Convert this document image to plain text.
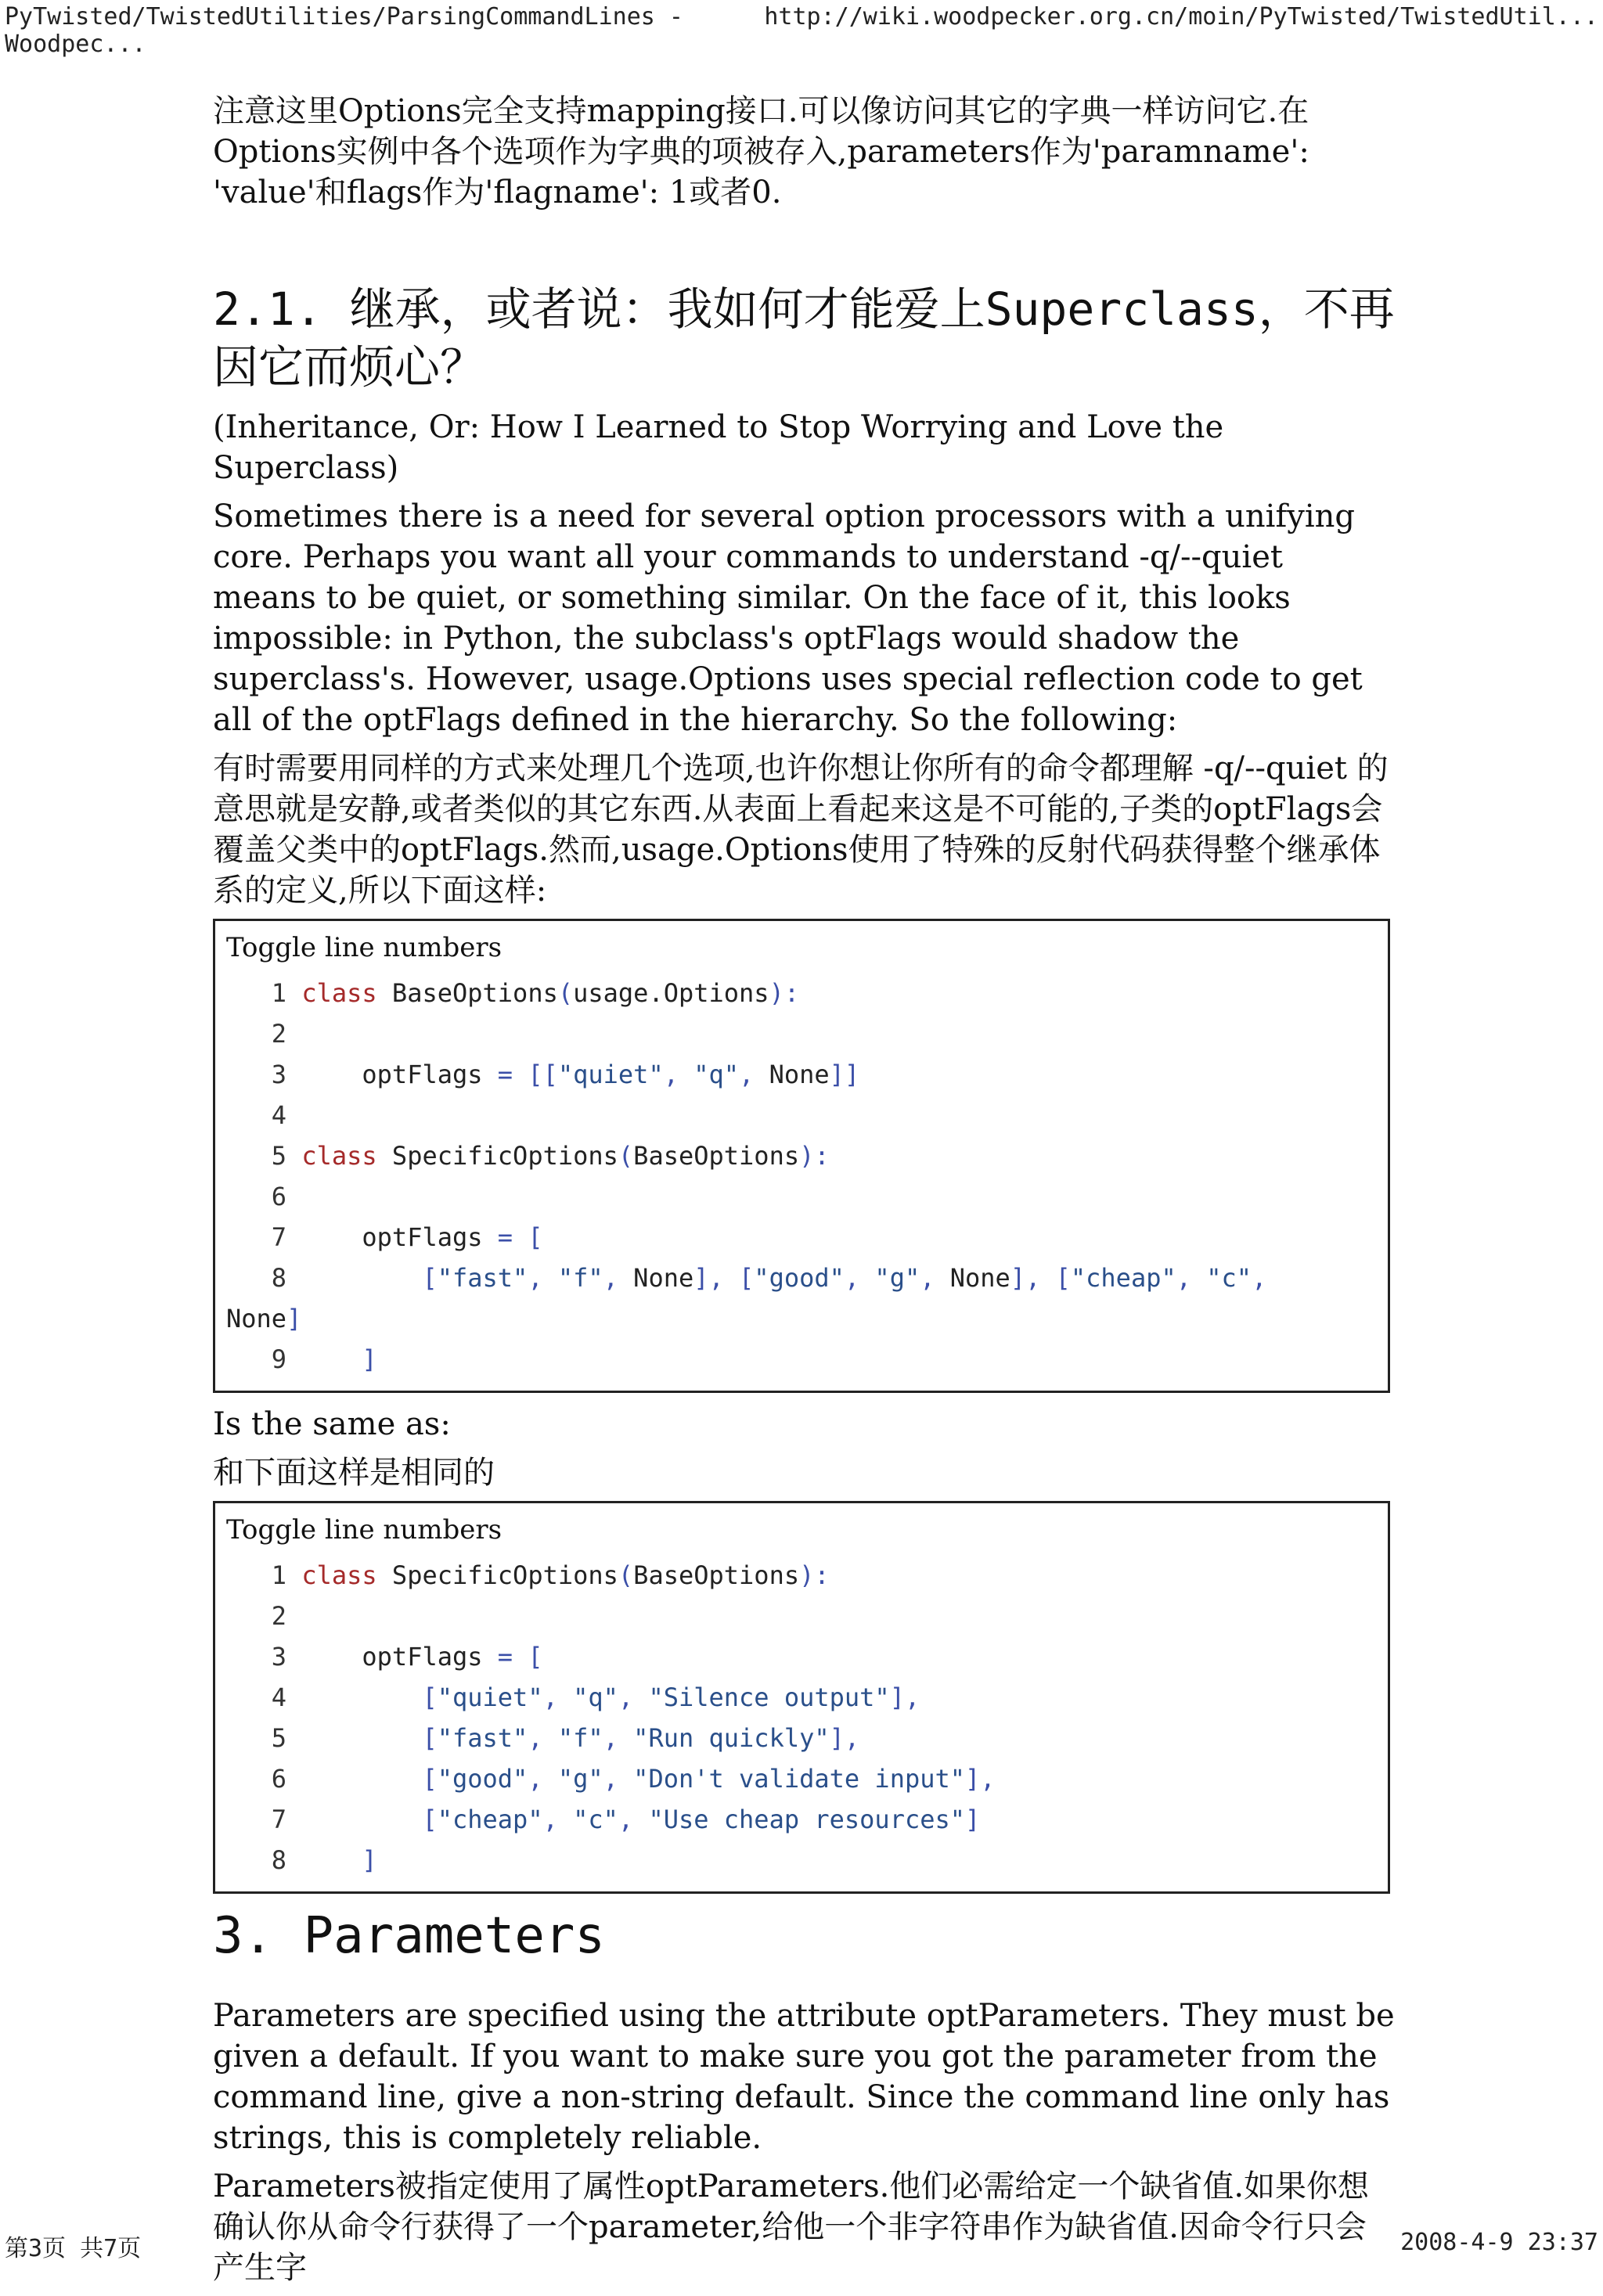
PyTwisted/TwistedUtilities/ParsingCommandLines - Woodpec...
http://wiki.woodpecker.org.cn/moin/PyTwisted/TwistedUtil...

注意这里Options完全支持mapping接口.可以像访问其它的字典一样访问它.在Options实例中各个选项作为字典的项被存入,parameters作为'paramname': 'value'和flags作为'flagname': 1或者0.

2.1. 继承，或者说：我如何才能爱上Superclass，不再因它而烦心？

(Inheritance, Or: How I Learned to Stop Worrying and Love the Superclass)

Sometimes there is a need for several option processors with a unifying core. Perhaps you want all your commands to understand -q/--quiet means to be quiet, or something similar. On the face of it, this looks impossible: in Python, the subclass's optFlags would shadow the superclass's. However, usage.Options uses special reflection code to get all of the optFlags defined in the hierarchy. So the following:

有时需要用同样的方式来处理几个选项,也许你想让你所有的命令都理解 -q/--quiet 的意思就是安静,或者类似的其它东西.从表面上看起来这是不可能的,子类的optFlags会覆盖父类中的optFlags.然而,usage.Options使用了特殊的反射代码获得整个继承体系的定义,所以下面这样:

Toggle line numbers
1 class BaseOptions(usage.Options):
2
3     optFlags = [["quiet", "q", None]]
4
5 class SpecificOptions(BaseOptions):
6
7     optFlags = [
8	["fast", "f", None], ["good", "g", None], ["cheap", "c",
None]
9     ]

Is the same as:

和下面这样是相同的

Toggle line numbers
1 class SpecificOptions(BaseOptions):
2
3     optFlags = [
4	["quiet", "q", "Silence output"],
5	["fast", "f", "Run quickly"],
6	["good", "g", "Don't validate input"],
7	["cheap", "c", "Use cheap resources"]
8     ]
3. Parameters

Parameters are specified using the attribute optParameters. They must be given a default. If you want to make sure you got the parameter from the command line, give a non-string default. Since the command line only has strings, this is completely reliable.

Parameters被指定使用了属性optParameters.他们必需给定一个缺省值.如果你想确认你从命令行获得了一个parameter,给他一个非字符串作为缺省值.因命令行只会产生字

第3页 共7页	2008-4-9 23:37
